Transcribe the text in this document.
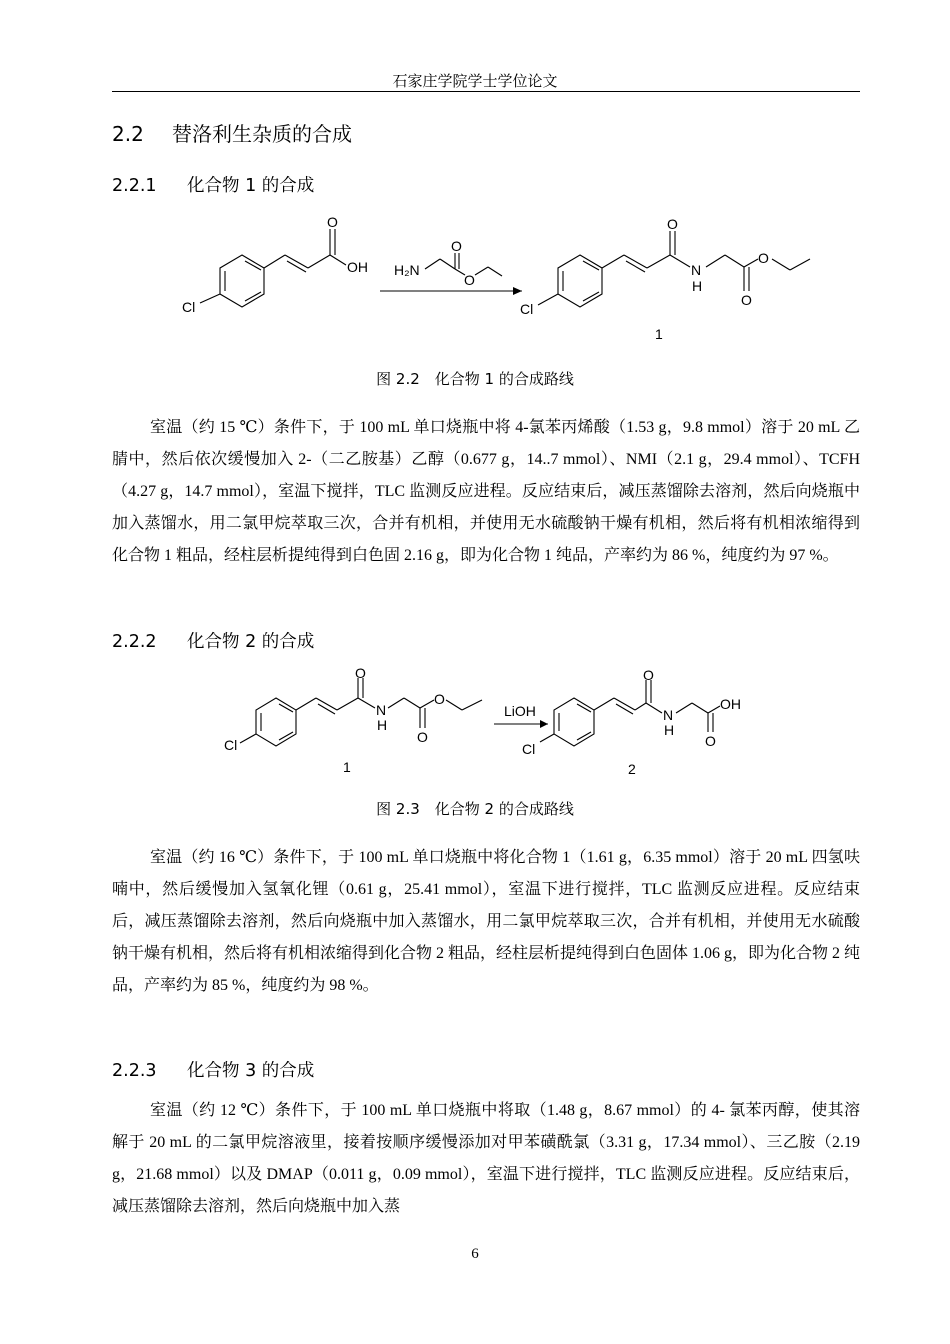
石家庄学院学士学位论文
2.2 替洛利生杂质的合成
2.2.1 化合物 1 的合成
O
OH
Cl
H₂N
O
O
O
N
H
O
O
Cl
1
图 2.2　化合物 1 的合成路线

室温（约 15 ℃）条件下，于 100 mL 单口烧瓶中将 4-氯苯丙烯酸（1.53 g，9.8 mmol）溶于 20 mL 乙腈中，然后依次缓慢加入 2-（二乙胺基）乙醇（0.677 g，14..7 mmol）、NMI（2.1 g，29.4 mmol）、TCFH（4.27 g，14.7 mmol），室温下搅拌，TLC 监测反应进程。反应结束后，减压蒸馏除去溶剂，然后向烧瓶中加入蒸馏水，用二氯甲烷萃取三次，合并有机相，并使用无水硫酸钠干燥有机相，然后将有机相浓缩得到化合物 1 粗品，经柱层析提纯得到白色固 2.16 g，即为化合物 1 纯品，产率约为 86 %，纯度约为 97 %。

2.2.2 化合物 2 的合成
O
N
H
O
O
Cl
1
LiOH
O
N
H
OH
O
Cl
2
图 2.3　化合物 2 的合成路线

室温（约 16 ℃）条件下，于 100 mL 单口烧瓶中将化合物 1（1.61 g，6.35 mmol）溶于 20 mL 四氢呋喃中，然后缓慢加入氢氧化锂（0.61 g，25.41 mmol），室温下进行搅拌，TLC 监测反应进程。反应结束后，减压蒸馏除去溶剂，然后向烧瓶中加入蒸馏水，用二氯甲烷萃取三次，合并有机相，并使用无水硫酸钠干燥有机相，然后将有机相浓缩得到化合物 2 粗品，经柱层析提纯得到白色固体 1.06 g，即为化合物 2 纯品，产率约为 85 %，纯度约为 98 %。

2.2.3 化合物 3 的合成

室温（约 12 ℃）条件下，于 100 mL 单口烧瓶中将取（1.48 g，8.67 mmol）的 4- 氯苯丙醇，使其溶解于 20 mL 的二氯甲烷溶液里，接着按顺序缓慢添加对甲苯磺酰氯（3.31 g，17.34 mmol）、三乙胺（2.19 g，21.68 mmol）以及 DMAP（0.011 g，0.09 mmol），室温下进行搅拌，TLC 监测反应进程。反应结束后，减压蒸馏除去溶剂，然后向烧瓶中加入蒸

6
